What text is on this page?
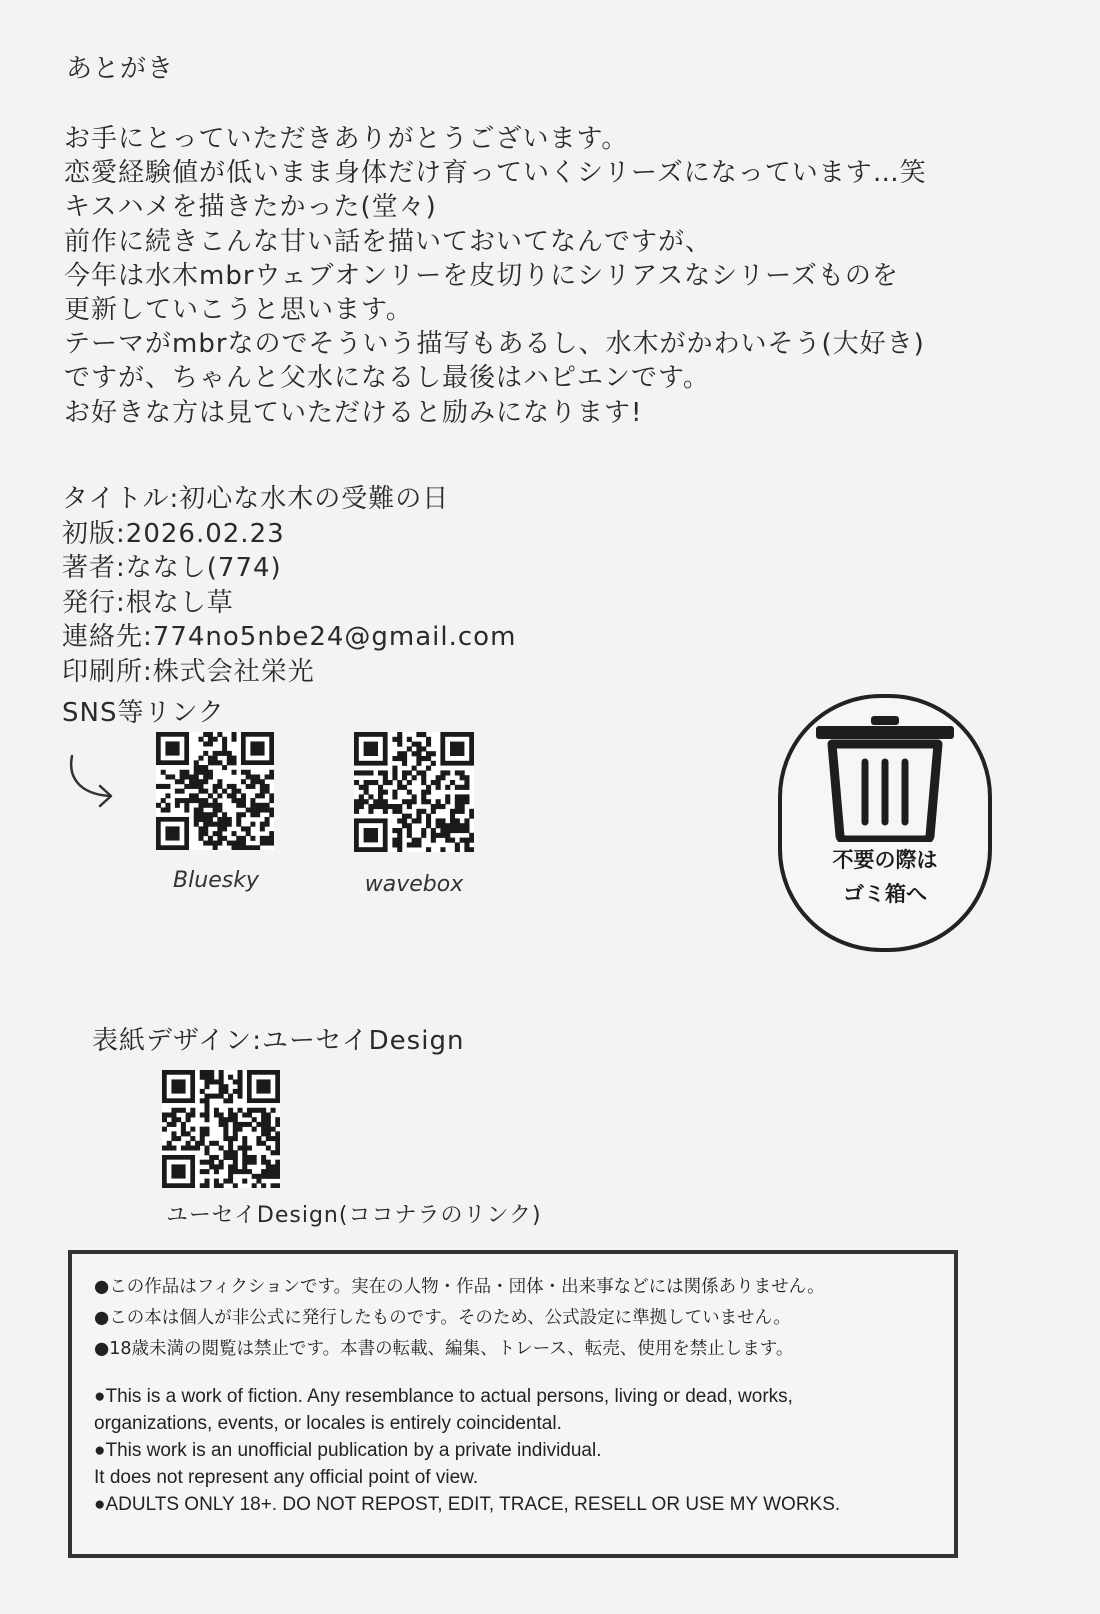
あとがき
お手にとっていただきありがとうございます。
恋愛経験値が低いまま身体だけ育っていくシリーズになっています…笑
キスハメを描きたかった(堂々)
前作に続きこんな甘い話を描いておいてなんですが、
今年は水木mbrウェブオンリーを皮切りにシリアスなシリーズものを
更新していこうと思います。
テーマがmbrなのでそういう描写もあるし、水木がかわいそう(大好き)
ですが、ちゃんと父水になるし最後はハピエンです。
お好きな方は見ていただけると励みになります!
タイトル:初心な水木の受難の日
初版:2026.02.23
著者:ななし(774)
発行:根なし草
連絡先:774no5nbe24@gmail.com
印刷所:株式会社栄光
SNS等リンク
Bluesky	wavebox
不要の際は
ゴミ箱へ
表紙デザイン:ユーセイDesign
ユーセイDesign(ココナラのリンク)
●この作品はフィクションです。実在の人物・作品・団体・出来事などには関係ありません。
●この本は個人が非公式に発行したものです。そのため、公式設定に準拠していません。
●18歳未満の閲覧は禁止です。本書の転載、編集、トレース、転売、使用を禁止します。
●This is a work of fiction. Any resemblance to actual persons, living or dead, works,
organizations, events, or locales is entirely coincidental.
●This work is an unofficial publication by a private individual.
It does not represent any official point of view.
●ADULTS ONLY 18+. DO NOT REPOST, EDIT, TRACE, RESELL OR USE MY WORKS.
